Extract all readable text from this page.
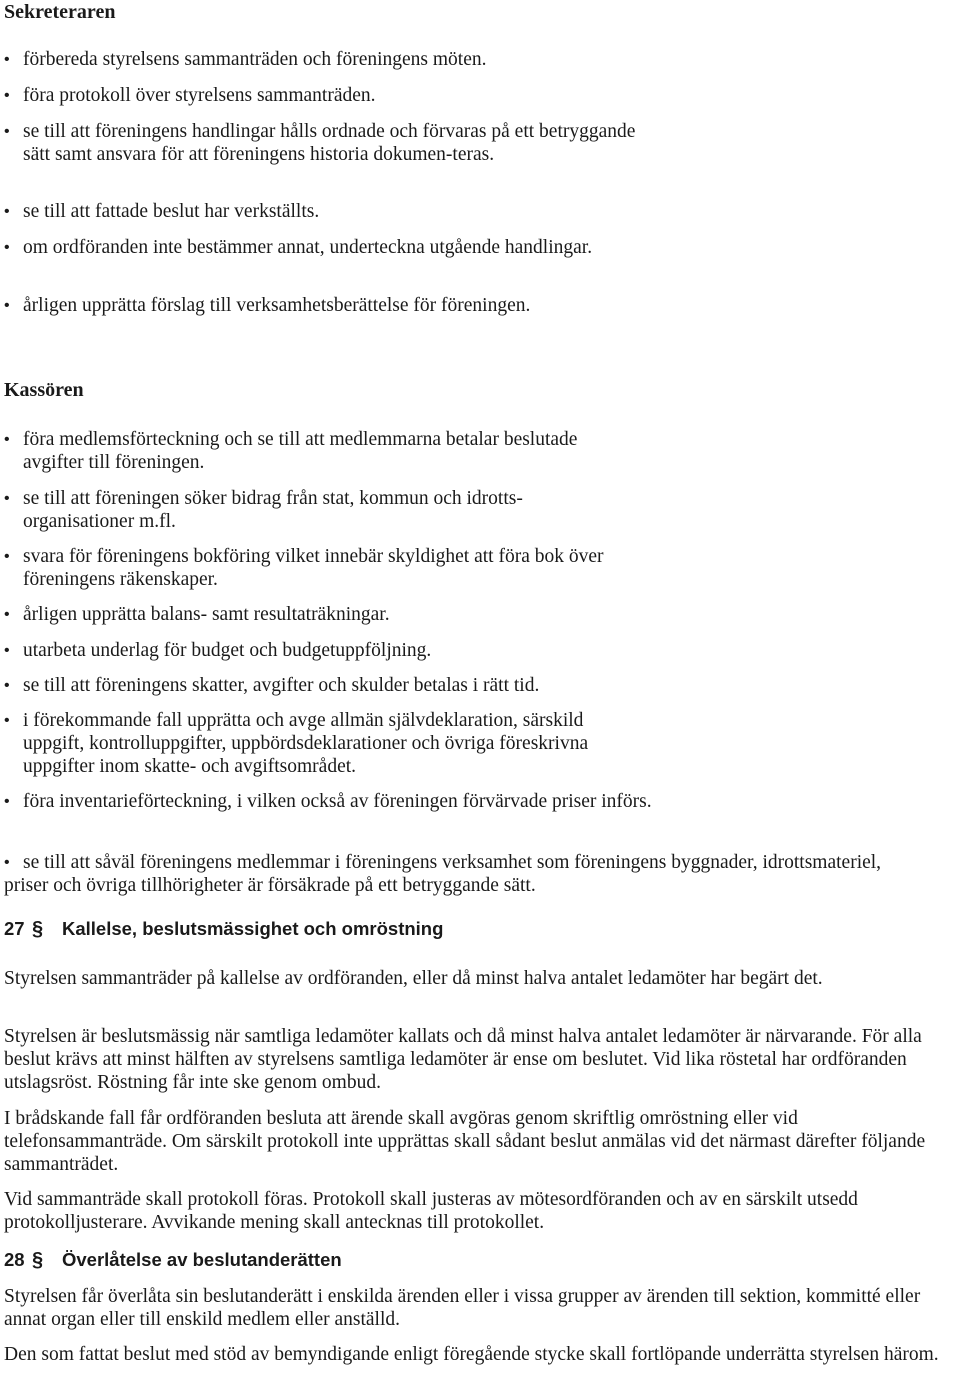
Sekreteraren
• förbereda styrelsens sammanträden och föreningens möten.
• föra protokoll över styrelsens sammanträden.
• se till att föreningens handlingar hålls ordnade och förvaras på ett betryggande sätt samt ansvara för att föreningens historia dokumen-teras.
• se till att fattade beslut har verkställts.
• om ordföranden inte bestämmer annat, underteckna utgående handlingar.
• årligen upprätta förslag till verksamhetsberättelse för föreningen.
Kassören
• föra medlemsförteckning och se till att medlemmarna betalar beslutade avgifter till föreningen.
• se till att föreningen söker bidrag från stat, kommun och idrotts-organisationer m.fl.
• svara för föreningens bokföring vilket innebär skyldighet att föra bok över föreningens räkenskaper.
• årligen upprätta balans- samt resultaträkningar.
• utarbeta underlag för budget och budgetuppföljning.
• se till att föreningens skatter, avgifter och skulder betalas i rätt tid.
• i förekommande fall upprätta och avge allmän självdeklaration, särskild uppgift, kontrolluppgifter, uppbördsdeklarationer och övriga föreskrivna uppgifter inom skatte- och avgiftsområdet.
• föra inventarieförteckning, i vilken också av föreningen förvärvade priser införs.
• se till att såväl föreningens medlemmar i föreningens verksamhet som föreningens byggnader, idrottsmateriel, priser och övriga tillhörigheter är försäkrade på ett betryggande sätt.
27 § Kallelse, beslutsmässighet och omröstning

Styrelsen sammanträder på kallelse av ordföranden, eller då minst halva antalet ledamöter har begärt det.

Styrelsen är beslutsmässig när samtliga ledamöter kallats och då minst halva antalet ledamöter är närvarande. För alla beslut krävs att minst hälften av styrelsens samtliga ledamöter är ense om beslutet. Vid lika röstetal har ordföranden utslagsröst. Röstning får inte ske genom ombud.

I brådskande fall får ordföranden besluta att ärende skall avgöras genom skriftlig omröstning eller vid telefonsammanträde. Om särskilt protokoll inte upprättas skall sådant beslut anmälas vid det närmast därefter följande sammanträdet.

Vid sammanträde skall protokoll föras. Protokoll skall justeras av mötesordföranden och av en särskilt utsedd protokolljusterare. Avvikande mening skall antecknas till protokollet.

28 § Överlåtelse av beslutanderätten

Styrelsen får överlåta sin beslutanderätt i enskilda ärenden eller i vissa grupper av ärenden till sektion, kommitté eller annat organ eller till enskild medlem eller anställd.

Den som fattat beslut med stöd av bemyndigande enligt föregående stycke skall fortlöpande underrätta styrelsen härom.
